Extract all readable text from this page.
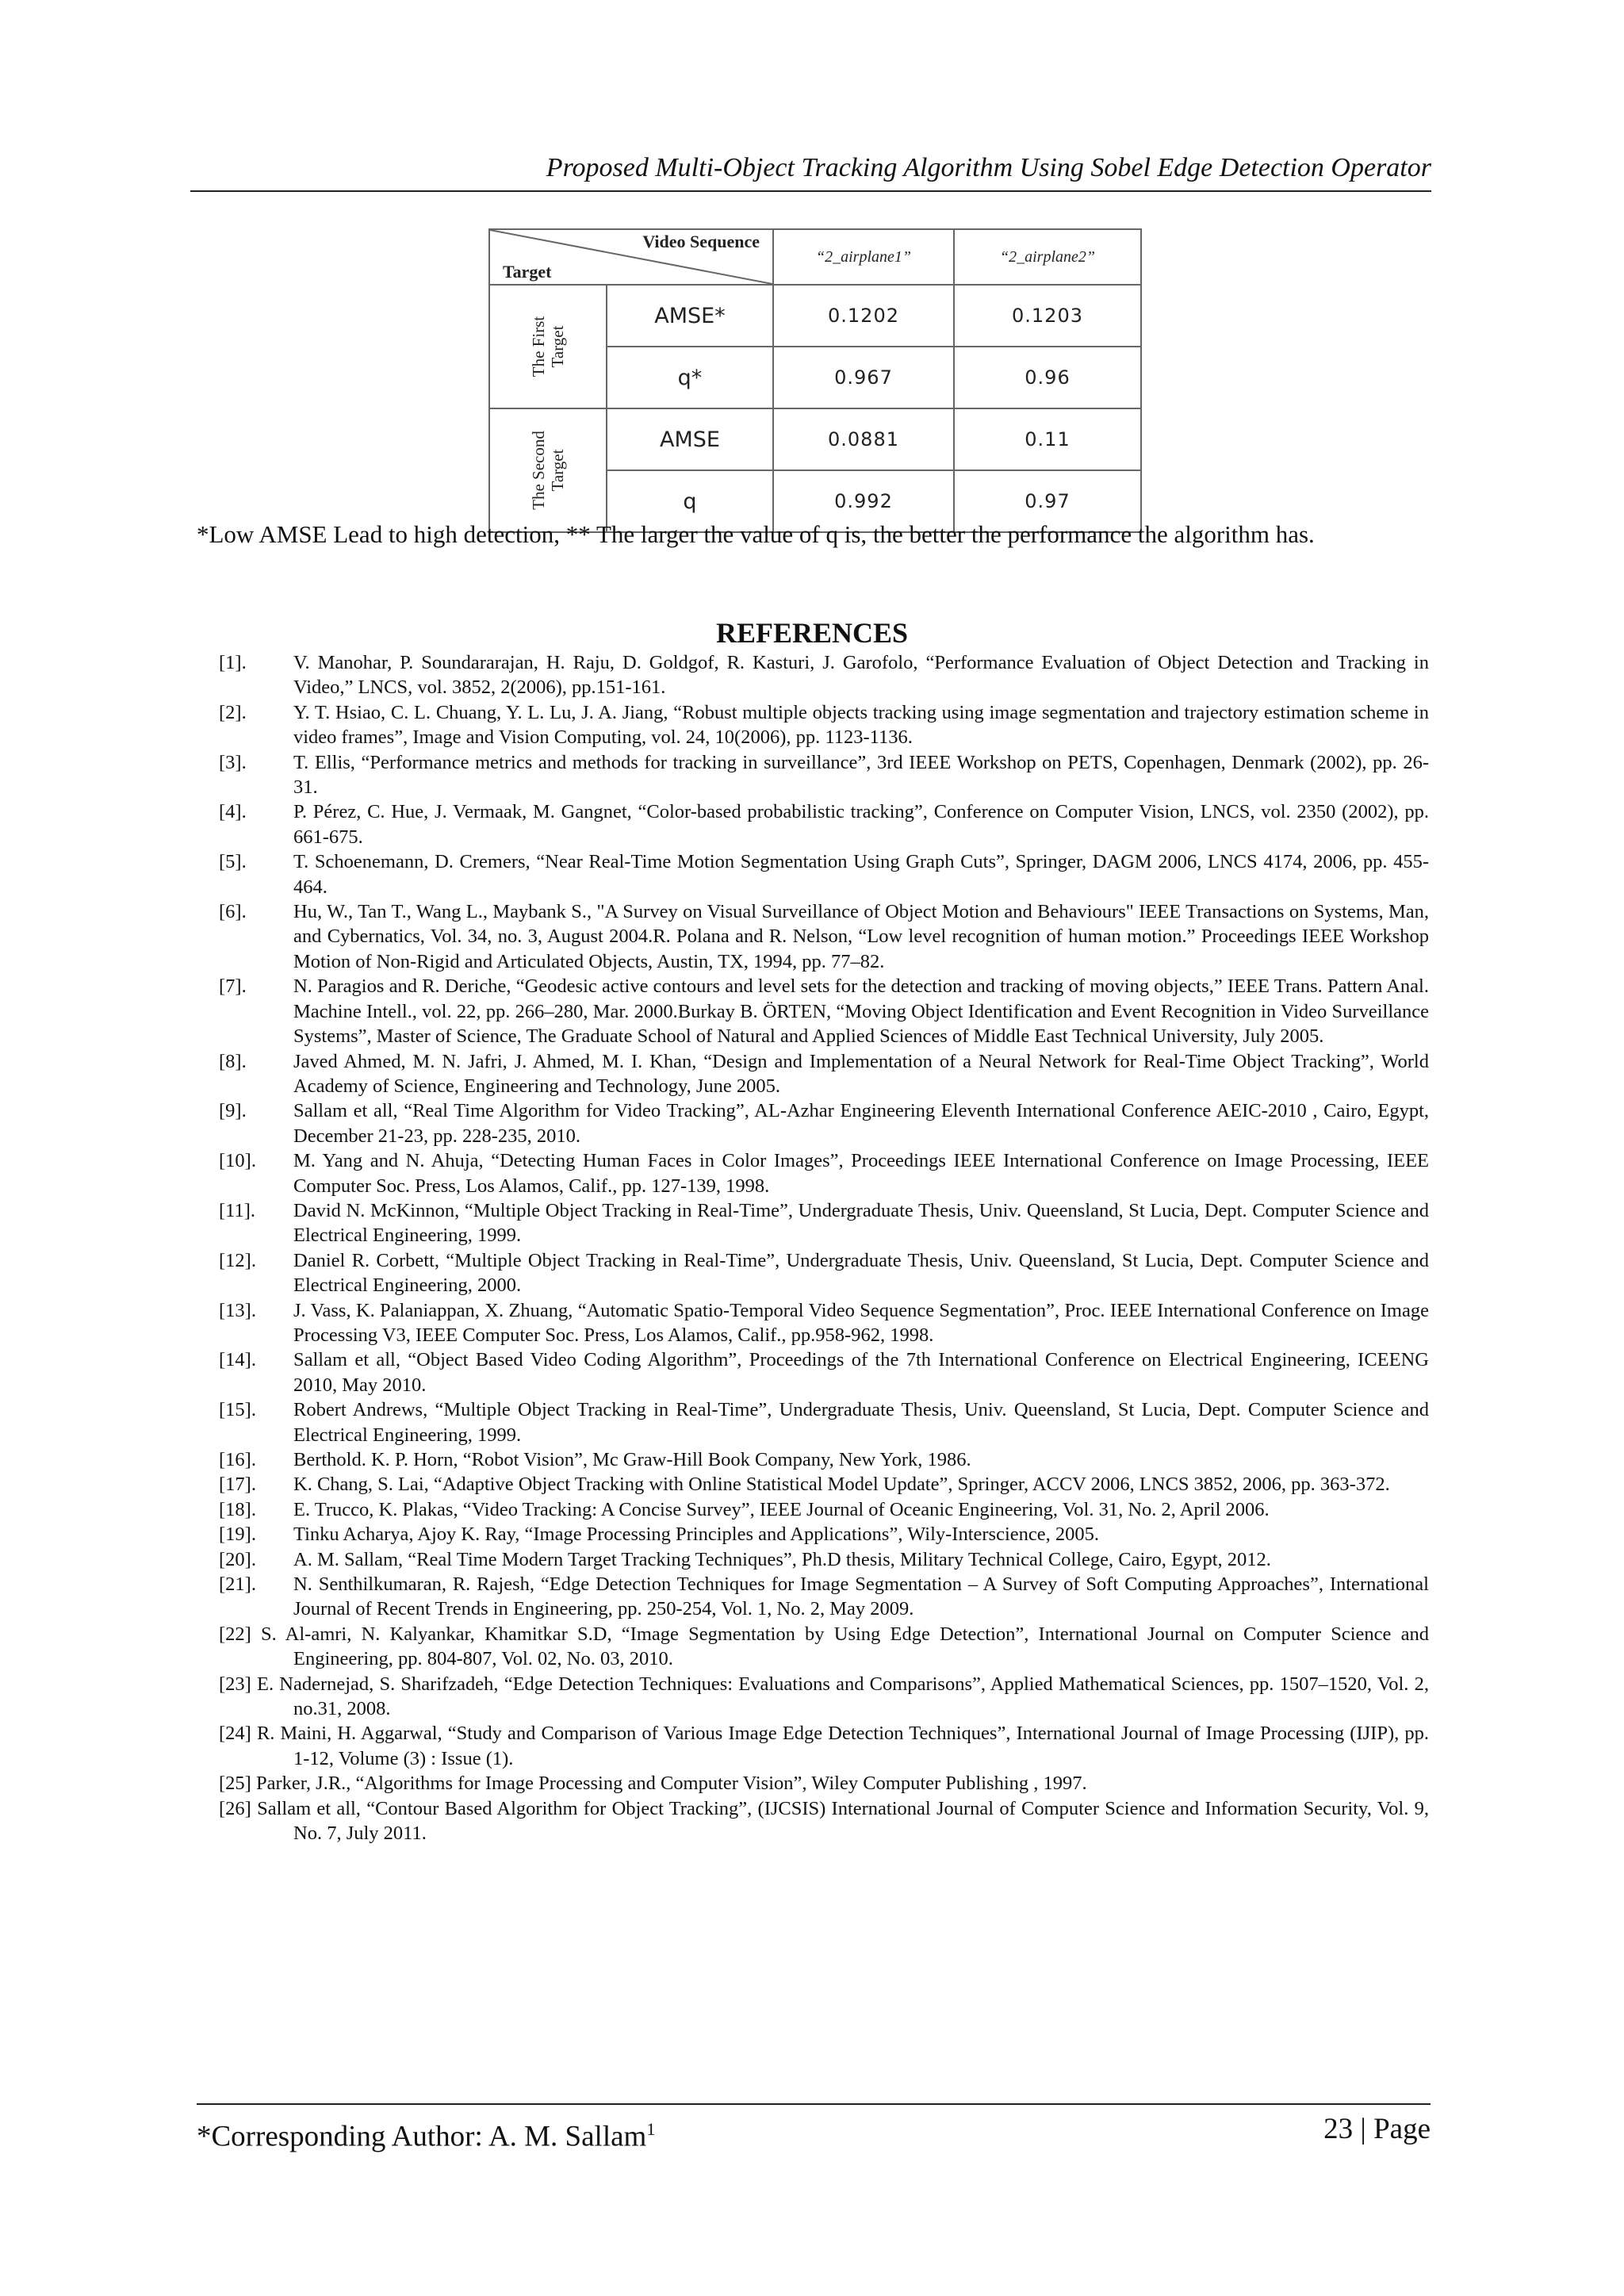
Proposed Multi-Object Tracking Algorithm Using Sobel Edge Detection Operator
Video Sequence
Target		“2_airplane1”	“2_airplane2”

The First Target	AMSE*	0.1202	0.1203
	q*	0.967	0.96

The Second Target	AMSE	0.0881	0.11
	q	0.992	0.97
*Low AMSE Lead to high detection, ** The larger the value of q is, the better the performance the algorithm has.
REFERENCES
[1].	V. Manohar, P. Soundararajan, H. Raju, D. Goldgof, R. Kasturi, J. Garofolo, “Performance Evaluation of Object Detection and Tracking in Video,” LNCS, vol. 3852, 2(2006), pp.151-161.
[2].	Y. T. Hsiao, C. L. Chuang, Y. L. Lu, J. A. Jiang, “Robust multiple objects tracking using image segmentation and trajectory estimation scheme in video frames”, Image and Vision Computing, vol. 24, 10(2006), pp. 1123-1136.
[3].	T. Ellis, “Performance metrics and methods for tracking in surveillance”, 3rd IEEE Workshop on PETS, Copenhagen, Denmark (2002), pp. 26-31.
[4].	P. Pérez, C. Hue, J. Vermaak, M. Gangnet, “Color-based probabilistic tracking”, Conference on Computer Vision, LNCS, vol. 2350 (2002), pp. 661-675.
[5].	T. Schoenemann, D. Cremers, “Near Real-Time Motion Segmentation Using Graph Cuts”, Springer, DAGM 2006, LNCS 4174, 2006, pp. 455-464.
[6].	Hu, W., Tan T., Wang L., Maybank S., "A Survey on Visual Surveillance of Object Motion and Behaviours" IEEE Transactions on Systems, Man, and Cybernatics, Vol. 34, no. 3, August 2004.R. Polana and R. Nelson, “Low level recognition of human motion.” Proceedings IEEE Workshop Motion of Non-Rigid and Articulated Objects, Austin, TX, 1994, pp. 77–82.
[7].	N. Paragios and R. Deriche, “Geodesic active contours and level sets for the detection and tracking of moving objects,” IEEE Trans. Pattern Anal. Machine Intell., vol. 22, pp. 266–280, Mar. 2000.Burkay B. ÖRTEN, “Moving Object Identification and Event Recognition in Video Surveillance Systems”, Master of Science, The Graduate School of Natural and Applied Sciences of Middle East Technical University, July 2005.
[8].	Javed Ahmed, M. N. Jafri, J. Ahmed, M. I. Khan, “Design and Implementation of a Neural Network for Real-Time Object Tracking”, World Academy of Science, Engineering and Technology, June 2005.
[9].	Sallam et all, “Real Time Algorithm for Video Tracking”, AL-Azhar Engineering Eleventh International Conference AEIC-2010 , Cairo, Egypt, December 21-23, pp. 228-235, 2010.
[10].	M. Yang and N. Ahuja, “Detecting Human Faces in Color Images”, Proceedings IEEE International Conference on Image Processing, IEEE Computer Soc. Press, Los Alamos, Calif., pp. 127-139, 1998.
[11].	David N. McKinnon, “Multiple Object Tracking in Real-Time”, Undergraduate Thesis, Univ. Queensland, St Lucia, Dept. Computer Science and Electrical Engineering, 1999.
[12].	Daniel R. Corbett, “Multiple Object Tracking in Real-Time”, Undergraduate Thesis, Univ. Queensland, St Lucia, Dept. Computer Science and Electrical Engineering, 2000.
[13].	J. Vass, K. Palaniappan, X. Zhuang, “Automatic Spatio-Temporal Video Sequence Segmentation”, Proc. IEEE International Conference on Image Processing V3, IEEE Computer Soc. Press, Los Alamos, Calif., pp.958-962, 1998.
[14].	Sallam et all, “Object Based Video Coding Algorithm”, Proceedings of the 7th International Conference on Electrical Engineering, ICEENG 2010, May 2010.
[15].	Robert Andrews, “Multiple Object Tracking in Real-Time”, Undergraduate Thesis, Univ. Queensland, St Lucia, Dept. Computer Science and Electrical Engineering, 1999.
[16].	Berthold. K. P. Horn, “Robot Vision”, Mc Graw-Hill Book Company, New York, 1986.
[17].	K. Chang, S. Lai, “Adaptive Object Tracking with Online Statistical Model Update”, Springer, ACCV 2006, LNCS 3852, 2006, pp. 363-372.
[18].	E. Trucco, K. Plakas, “Video Tracking: A Concise Survey”, IEEE Journal of Oceanic Engineering, Vol. 31, No. 2, April 2006.
[19].	Tinku Acharya, Ajoy K. Ray, “Image Processing Principles and Applications”, Wily-Interscience, 2005.
[20].	A. M. Sallam, “Real Time Modern Target Tracking Techniques”, Ph.D thesis, Military Technical College, Cairo, Egypt, 2012.
[21].	N. Senthilkumaran, R. Rajesh, “Edge Detection Techniques for Image Segmentation – A Survey of Soft Computing Approaches”, International Journal of Recent Trends in Engineering, pp. 250-254, Vol. 1, No. 2, May 2009.
[22] S. Al-amri, N. Kalyankar, Khamitkar S.D, “Image Segmentation by Using Edge Detection”, International Journal on Computer Science and Engineering, pp. 804-807, Vol. 02, No. 03, 2010.
[23] E. Nadernejad, S. Sharifzadeh, “Edge Detection Techniques: Evaluations and Comparisons”, Applied Mathematical Sciences, pp. 1507–1520, Vol. 2, no.31, 2008.
[24] R. Maini, H. Aggarwal, “Study and Comparison of Various Image Edge Detection Techniques”, International Journal of Image Processing (IJIP), pp. 1-12, Volume (3) : Issue (1).
[25] Parker, J.R., “Algorithms for Image Processing and Computer Vision”, Wiley Computer Publishing , 1997.
[26] Sallam et all, “Contour Based Algorithm for Object Tracking”, (IJCSIS) International Journal of Computer Science and Information Security, Vol. 9, No. 7, July 2011.
*Corresponding Author: A. M. Sallam$^1$	23 | Page
